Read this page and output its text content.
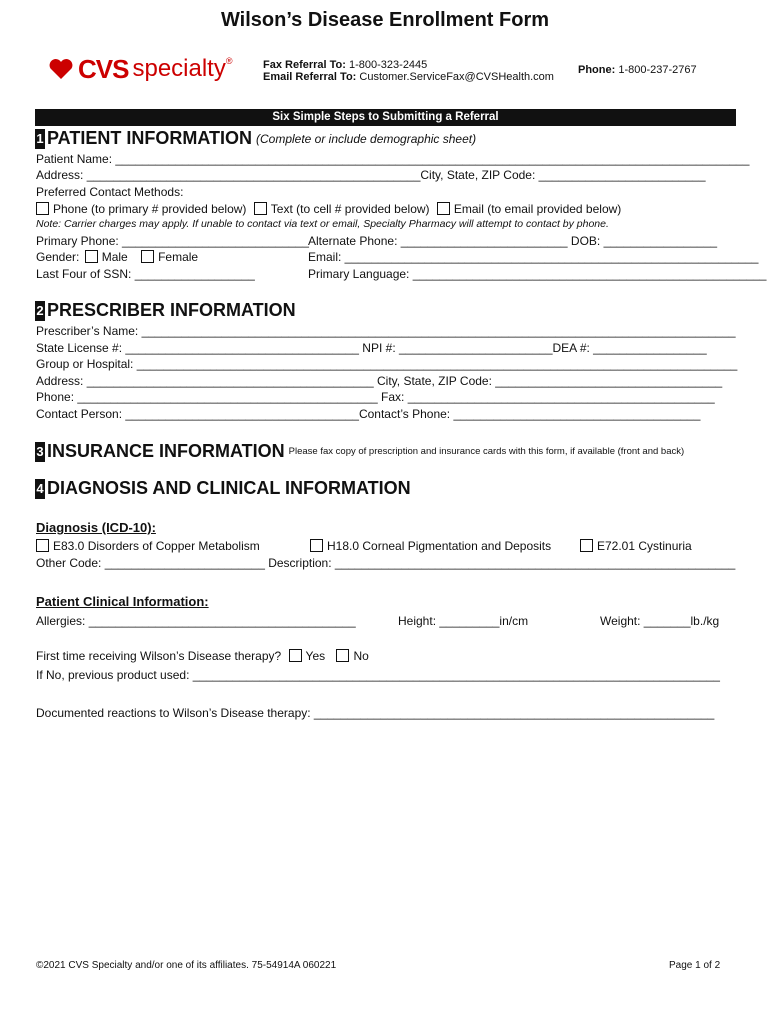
Wilson’s Disease Enrollment Form
CVS specialty ®	Fax Referral To: 1-800-323-2445
Email Referral To: Customer.ServiceFax@CVSHealth.com
Phone: 1-800-237-2767
Six Simple Steps to Submitting a Referral
1 PATIENT INFORMATION (Complete or include demographic sheet)
Patient Name: _______________________________________________________________________________________________
Address: __________________________________________________City, State, ZIP Code: _________________________
Preferred Contact Methods:
Phone (to primary # provided below) Text (to cell # provided below) Email (to email provided below)
Note: Carrier charges may apply. If unable to contact via text or email, Specialty Pharmacy will attempt to contact by phone.
Primary Phone: ____________________________ Alternate Phone: _________________________ DOB: _________________
Gender: Male	Female	Email: ______________________________________________________________
Last Four of SSN: __________________	Primary Language: _____________________________________________________
2 PRESCRIBER INFORMATION
Prescriber’s Name: _________________________________________________________________________________________
State License #: ___________________________________ NPI #: _______________________DEA #: _________________
Group or Hospital: __________________________________________________________________________________________
Address: ___________________________________________ City, State, ZIP Code: __________________________________
Phone: _____________________________________________ Fax: ______________________________________________
Contact Person: ___________________________________Contact’s Phone: _____________________________________
3 INSURANCE INFORMATION Please fax copy of prescription and insurance cards with this form, if available (front and back)
4 DIAGNOSIS AND CLINICAL INFORMATION
Diagnosis (ICD-10):
E83.0 Disorders of Copper Metabolism	H18.0 Corneal Pigmentation and Deposits	E72.01 Cystinuria
Other Code: ________________________ Description: ____________________________________________________________
Patient Clinical Information:
Allergies: ________________________________________	Height: _________in/cm	Weight: _______lb./kg
First time receiving Wilson’s Disease therapy? Yes No
If No, previous product used: _______________________________________________________________________________
Documented reactions to Wilson’s Disease therapy: ____________________________________________________________
©2021 CVS Specialty and/or one of its affiliates. 75-54914A 060221	Page 1 of 2
